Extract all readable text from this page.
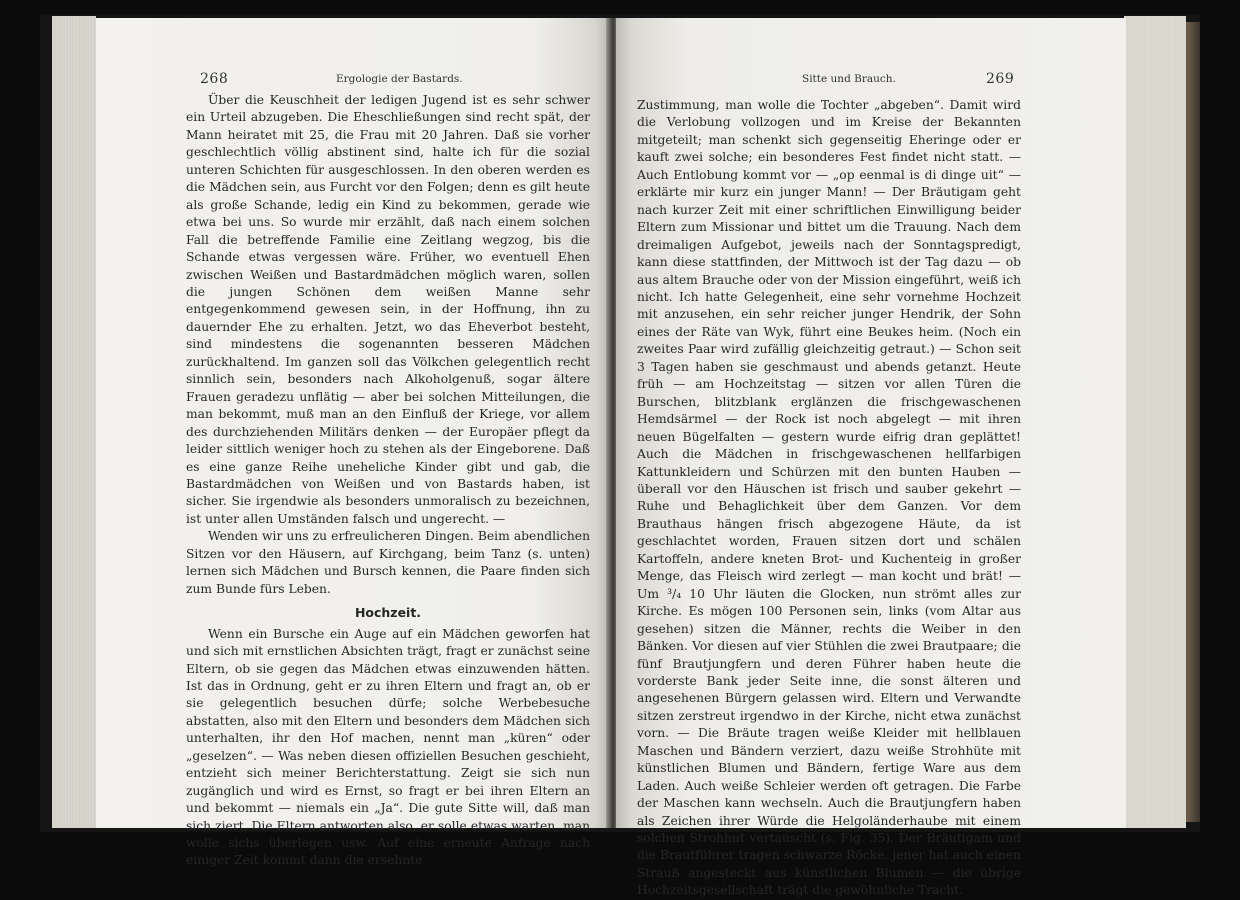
268	Ergologie der Bastards.

Über die Keuschheit der ledigen Jugend ist es sehr schwer ein Urteil abzugeben. Die Eheschließungen sind recht spät, der Mann heiratet mit 25, die Frau mit 20 Jahren. Daß sie vorher geschlechtlich völlig abstinent sind, halte ich für die sozial unteren Schichten für ausgeschlossen. In den oberen werden es die Mädchen sein, aus Furcht vor den Folgen; denn es gilt heute als große Schande, ledig ein Kind zu bekommen, gerade wie etwa bei uns. So wurde mir erzählt, daß nach einem solchen Fall die betreffende Familie eine Zeitlang wegzog, bis die Schande etwas vergessen wäre. Früher, wo eventuell Ehen zwischen Weißen und Bastardmädchen möglich waren, sollen die jungen Schönen dem weißen Manne sehr entgegenkommend gewesen sein, in der Hoffnung, ihn zu dauernder Ehe zu erhalten. Jetzt, wo das Eheverbot besteht, sind mindestens die sogenannten besseren Mädchen zurückhaltend. Im ganzen soll das Völkchen gelegentlich recht sinnlich sein, besonders nach Alkoholgenuß, sogar ältere Frauen geradezu unflätig — aber bei solchen Mitteilungen, die man bekommt, muß man an den Einfluß der Kriege, vor allem des durchziehenden Militärs denken — der Europäer pflegt da leider sittlich weniger hoch zu stehen als der Eingeborene. Daß es eine ganze Reihe uneheliche Kinder gibt und gab, die Bastardmädchen von Weißen und von Bastards haben, ist sicher. Sie irgendwie als besonders unmoralisch zu bezeichnen, ist unter allen Umständen falsch und ungerecht. —

Wenden wir uns zu erfreulicheren Dingen. Beim abendlichen Sitzen vor den Häusern, auf Kirchgang, beim Tanz (s. unten) lernen sich Mädchen und Bursch kennen, die Paare finden sich zum Bunde fürs Leben.

Hochzeit.

Wenn ein Bursche ein Auge auf ein Mädchen geworfen hat und sich mit ernstlichen Absichten trägt, fragt er zunächst seine Eltern, ob sie gegen das Mädchen etwas einzuwenden hätten. Ist das in Ordnung, geht er zu ihren Eltern und fragt an, ob er sie gelegentlich besuchen dürfe; solche Werbebesuche abstatten, also mit den Eltern und besonders dem Mädchen sich unterhalten, ihr den Hof machen, nennt man „küren“ oder „geselzen“. — Was neben diesen offiziellen Besuchen geschieht, entzieht sich meiner Berichterstattung. Zeigt sie sich nun zugänglich und wird es Ernst, so fragt er bei ihren Eltern an und bekommt — niemals ein „Ja“. Die gute Sitte will, daß man sich ziert. Die Eltern antworten also, er solle etwas warten, man wolle sichs überlegen usw. Auf eine erneute Anfrage nach einiger Zeit kommt dann die ersehnte

Sitte und Brauch.	269

Zustimmung, man wolle die Tochter „abgeben“. Damit wird die Verlobung vollzogen und im Kreise der Bekannten mitgeteilt; man schenkt sich gegenseitig Eheringe oder er kauft zwei solche; ein besonderes Fest findet nicht statt. — Auch Entlobung kommt vor — „op eenmal is di dinge uit“ — erklärte mir kurz ein junger Mann! — Der Bräutigam geht nach kurzer Zeit mit einer schriftlichen Einwilligung beider Eltern zum Missionar und bittet um die Trauung. Nach dem dreimaligen Aufgebot, jeweils nach der Sonntagspredigt, kann diese stattfinden, der Mittwoch ist der Tag dazu — ob aus altem Brauche oder von der Mission eingeführt, weiß ich nicht. Ich hatte Gelegenheit, eine sehr vornehme Hochzeit mit anzusehen, ein sehr reicher junger Hendrik, der Sohn eines der Räte van Wyk, führt eine Beukes heim. (Noch ein zweites Paar wird zufällig gleichzeitig getraut.) — Schon seit 3 Tagen haben sie geschmaust und abends getanzt. Heute früh — am Hochzeitstag — sitzen vor allen Türen die Burschen, blitzblank erglänzen die frischgewaschenen Hemdsärmel — der Rock ist noch abgelegt — mit ihren neuen Bügelfalten — gestern wurde eifrig dran geplättet! Auch die Mädchen in frischgewaschenen hellfarbigen Kattunkleidern und Schürzen mit den bunten Hauben — überall vor den Häuschen ist frisch und sauber gekehrt — Ruhe und Behaglichkeit über dem Ganzen. Vor dem Brauthaus hängen frisch abgezogene Häute, da ist geschlachtet worden, Frauen sitzen dort und schälen Kartoffeln, andere kneten Brot- und Kuchenteig in großer Menge, das Fleisch wird zerlegt — man kocht und brät! — Um ³/₄ 10 Uhr läuten die Glocken, nun strömt alles zur Kirche. Es mögen 100 Personen sein, links (vom Altar aus gesehen) sitzen die Männer, rechts die Weiber in den Bänken. Vor diesen auf vier Stühlen die zwei Brautpaare; die fünf Brautjungfern und deren Führer haben heute die vorderste Bank jeder Seite inne, die sonst älteren und angesehenen Bürgern gelassen wird. Eltern und Verwandte sitzen zerstreut irgendwo in der Kirche, nicht etwa zunächst vorn. — Die Bräute tragen weiße Kleider mit hellblauen Maschen und Bändern verziert, dazu weiße Strohhüte mit künstlichen Blumen und Bändern, fertige Ware aus dem Laden. Auch weiße Schleier werden oft getragen. Die Farbe der Maschen kann wechseln. Auch die Brautjungfern haben als Zeichen ihrer Würde die Helgoländerhaube mit einem solchen Strohhut vertauscht (s. Fig. 35). Der Bräutigam und die Brautführer tragen schwarze Röcke, jener hat auch einen Strauß angesteckt aus künstlichen Blumen — die übrige Hochzeitsgesellschaft trägt die gewöhnliche Tracht.
